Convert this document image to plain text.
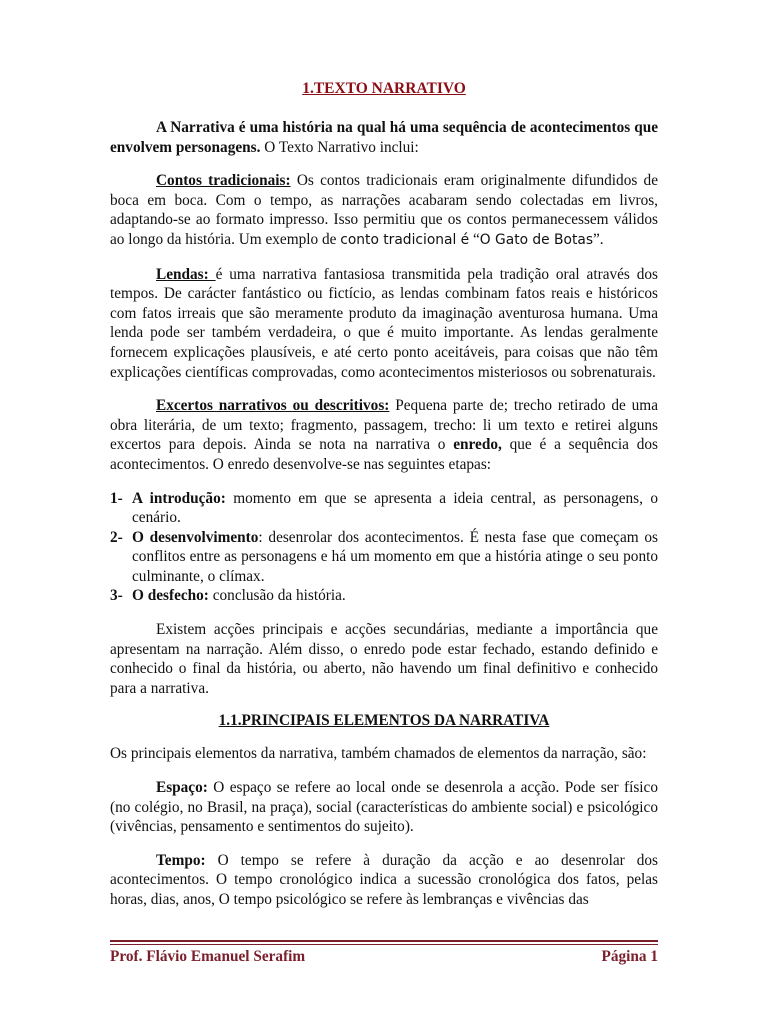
1.TEXTO NARRATIVO

A Narrativa é uma história na qual há uma sequência de acontecimentos que envolvem personagens. O Texto Narrativo inclui:

Contos tradicionais: Os contos tradicionais eram originalmente difundidos de boca em boca. Com o tempo, as narrações acabaram sendo colectadas em livros, adaptando-se ao formato impresso. Isso permitiu que os contos permanecessem válidos ao longo da história. Um exemplo de conto tradicional é “O Gato de Botas”.

Lendas: é uma narrativa fantasiosa transmitida pela tradição oral através dos tempos. De carácter fantástico ou fictício, as lendas combinam fatos reais e históricos com fatos irreais que são meramente produto da imaginação aventurosa humana. Uma lenda pode ser também verdadeira, o que é muito importante. As lendas geralmente fornecem explicações plausíveis, e até certo ponto aceitáveis, para coisas que não têm explicações científicas comprovadas, como acontecimentos misteriosos ou sobrenaturais.

Excertos narrativos ou descritivos: Pequena parte de; trecho retirado de uma obra literária, de um texto; fragmento, passagem, trecho: li um texto e retirei alguns excertos para depois. Ainda se nota na narrativa o enredo, que é a sequência dos acontecimentos. O enredo desenvolve-se nas seguintes etapas:

1- A introdução: momento em que se apresenta a ideia central, as personagens, o cenário.
2- O desenvolvimento: desenrolar dos acontecimentos. É nesta fase que começam os conflitos entre as personagens e há um momento em que a história atinge o seu ponto culminante, o clímax.
3- O desfecho: conclusão da história.

Existem acções principais e acções secundárias, mediante a importância que apresentam na narração. Além disso, o enredo pode estar fechado, estando definido e conhecido o final da história, ou aberto, não havendo um final definitivo e conhecido para a narrativa.

1.1.PRINCIPAIS ELEMENTOS DA NARRATIVA

Os principais elementos da narrativa, também chamados de elementos da narração, são:

Espaço: O espaço se refere ao local onde se desenrola a acção. Pode ser físico (no colégio, no Brasil, na praça), social (características do ambiente social) e psicológico (vivências, pensamento e sentimentos do sujeito).

Tempo: O tempo se refere à duração da acção e ao desenrolar dos acontecimentos. O tempo cronológico indica a sucessão cronológica dos fatos, pelas horas, dias, anos, O tempo psicológico se refere às lembranças e vivências das

Prof. Flávio Emanuel Serafim	Página 1
